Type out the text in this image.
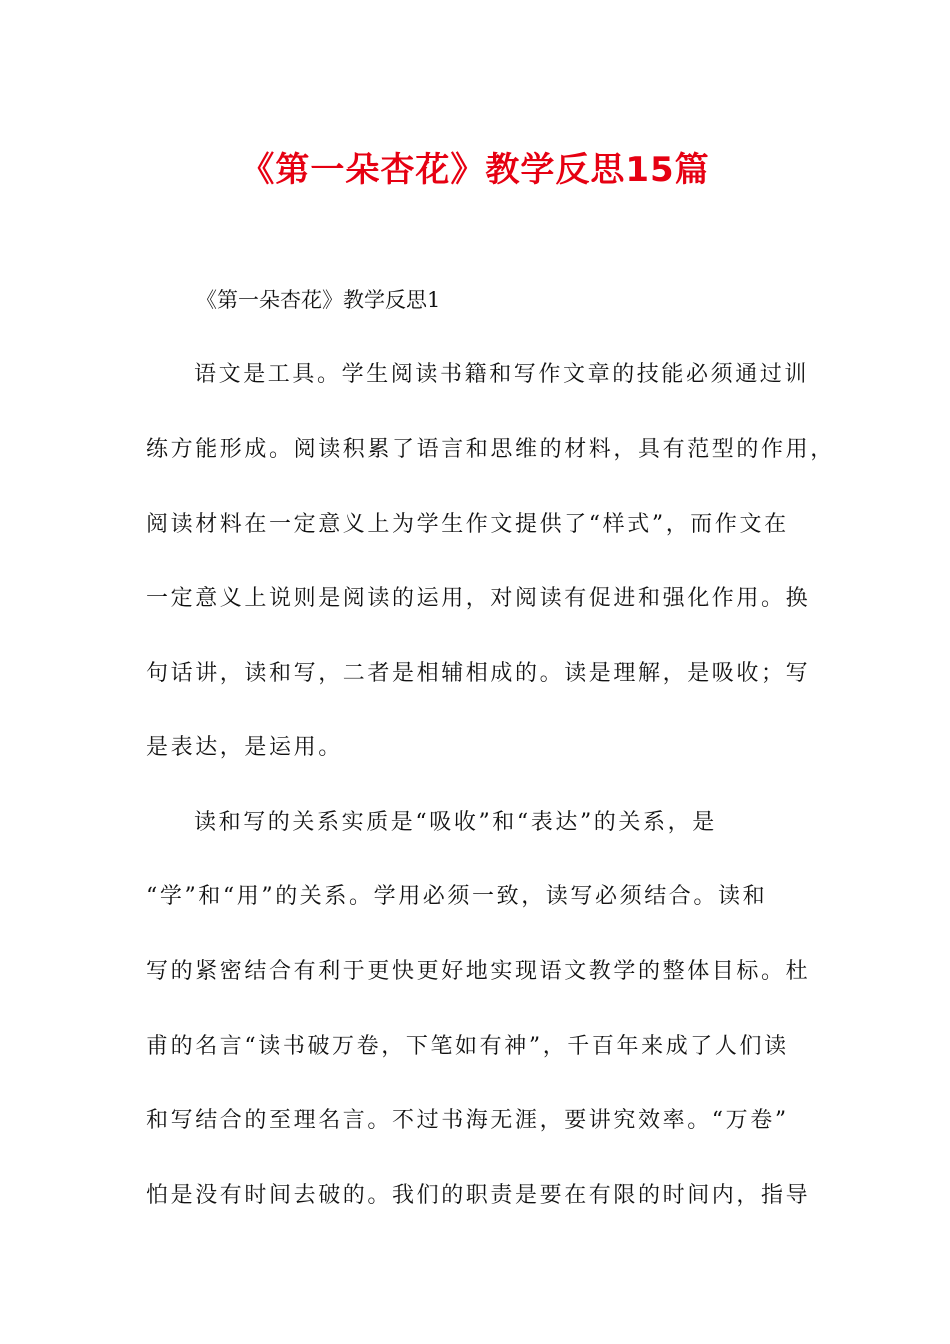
《第一朵杏花》教学反思15篇
《第一朵杏花》教学反思1
语文是工具。学生阅读书籍和写作文章的技能必须通过训
练方能形成。阅读积累了语言和思维的材料，具有范型的作用，
阅读材料在一定意义上为学生作文提供了“样式”，而作文在
一定意义上说则是阅读的运用，对阅读有促进和强化作用。换
句话讲，读和写，二者是相辅相成的。读是理解，是吸收；写
是表达，是运用。
读和写的关系实质是“吸收”和“表达”的关系，是
“学”和“用”的关系。学用必须一致，读写必须结合。读和
写的紧密结合有利于更快更好地实现语文教学的整体目标。杜
甫的名言“读书破万卷，下笔如有神”，千百年来成了人们读
和写结合的至理名言。不过书海无涯，要讲究效率。“万卷”
怕是没有时间去破的。我们的职责是要在有限的时间内，指导
